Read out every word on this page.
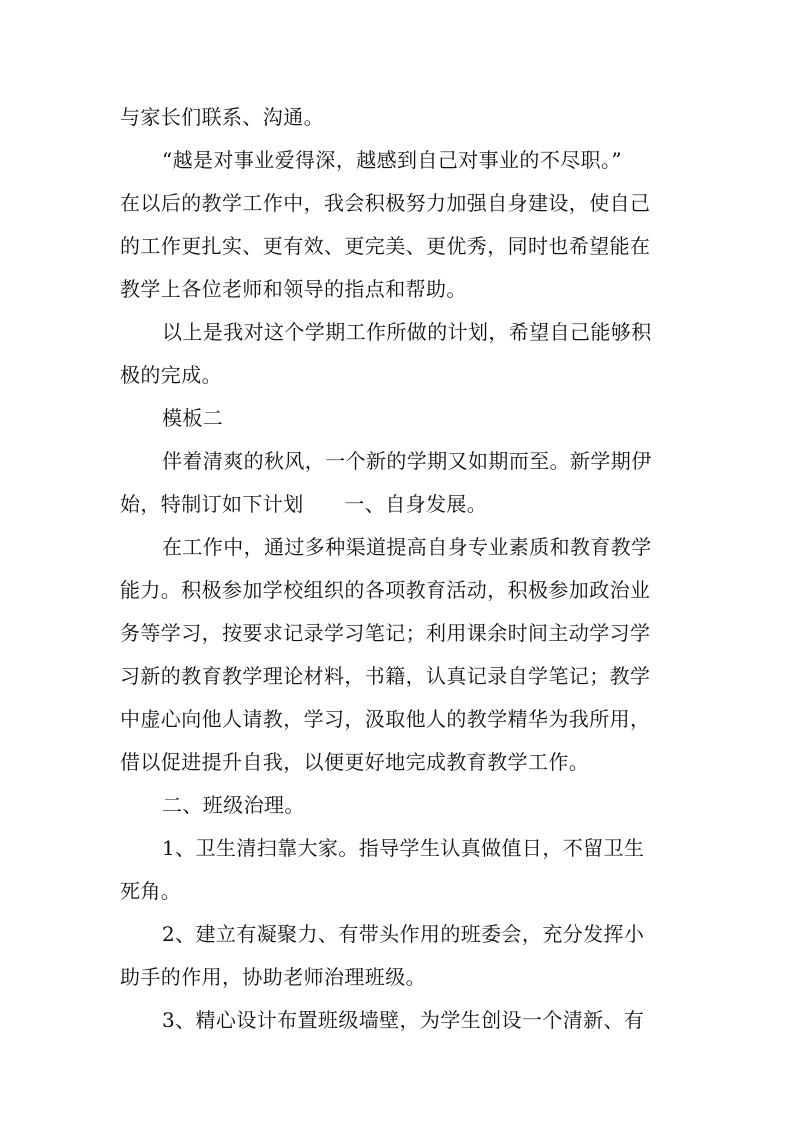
与家长们联系、沟通。
“越是对事业爱得深，越感到自己对事业的不尽职。”
在以后的教学工作中，我会积极努力加强自身建设，使自己
的工作更扎实、更有效、更完美、更优秀，同时也希望能在
教学上各位老师和领导的指点和帮助。
以上是我对这个学期工作所做的计划，希望自己能够积
极的完成。
模板二
伴着清爽的秋风，一个新的学期又如期而至。新学期伊
始，特制订如下计划　　一、自身发展。
在工作中，通过多种渠道提高自身专业素质和教育教学
能力。积极参加学校组织的各项教育活动，积极参加政治业
务等学习，按要求记录学习笔记；利用课余时间主动学习学
习新的教育教学理论材料，书籍，认真记录自学笔记；教学
中虚心向他人请教，学习，汲取他人的教学精华为我所用，
借以促进提升自我，以便更好地完成教育教学工作。
二、班级治理。
1、卫生清扫靠大家。指导学生认真做值日，不留卫生
死角。
2、建立有凝聚力、有带头作用的班委会，充分发挥小
助手的作用，协助老师治理班级。
3、精心设计布置班级墙壁，为学生创设一个清新、有
